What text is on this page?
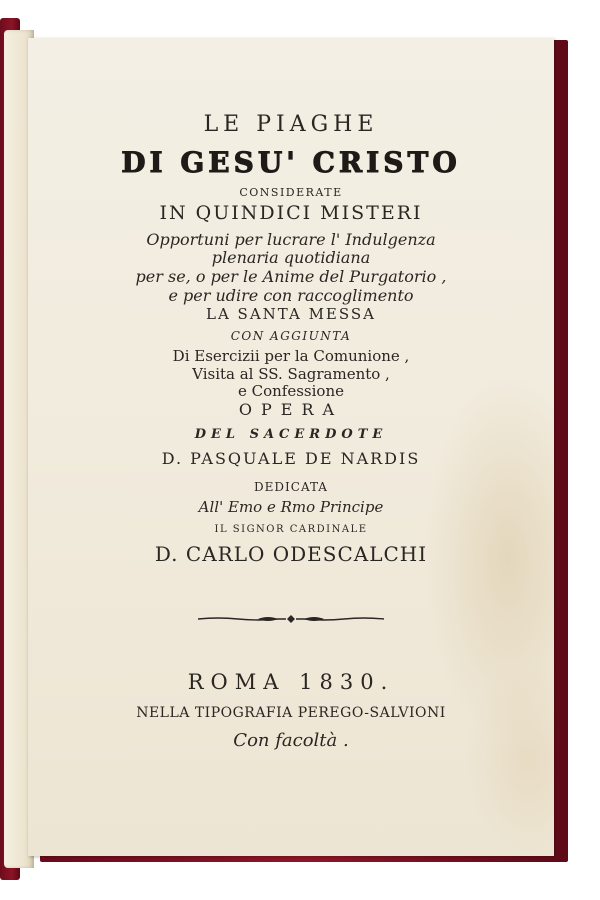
LE PIAGHE
DI GESU' CRISTO
CONSIDERATE
IN QUINDICI MISTERI
Opportuni per lucrare l' Indulgenza
plenaria quotidiana
per se, o per le Anime del Purgatorio ,
e per udire con raccoglimento
LA SANTA MESSA
CON AGGIUNTA
Di Esercizii per la Comunione ,
Visita al SS. Sagramento ,
e Confessione
OPERA
DEL SACERDOTE
D. PASQUALE DE NARDIS
DEDICATA
All' Emo e Rmo Principe
IL SIGNOR CARDINALE
D. CARLO ODESCALCHI
ROMA 1830.
NELLA TIPOGRAFIA PEREGO-SALVIONI
Con facoltà .
